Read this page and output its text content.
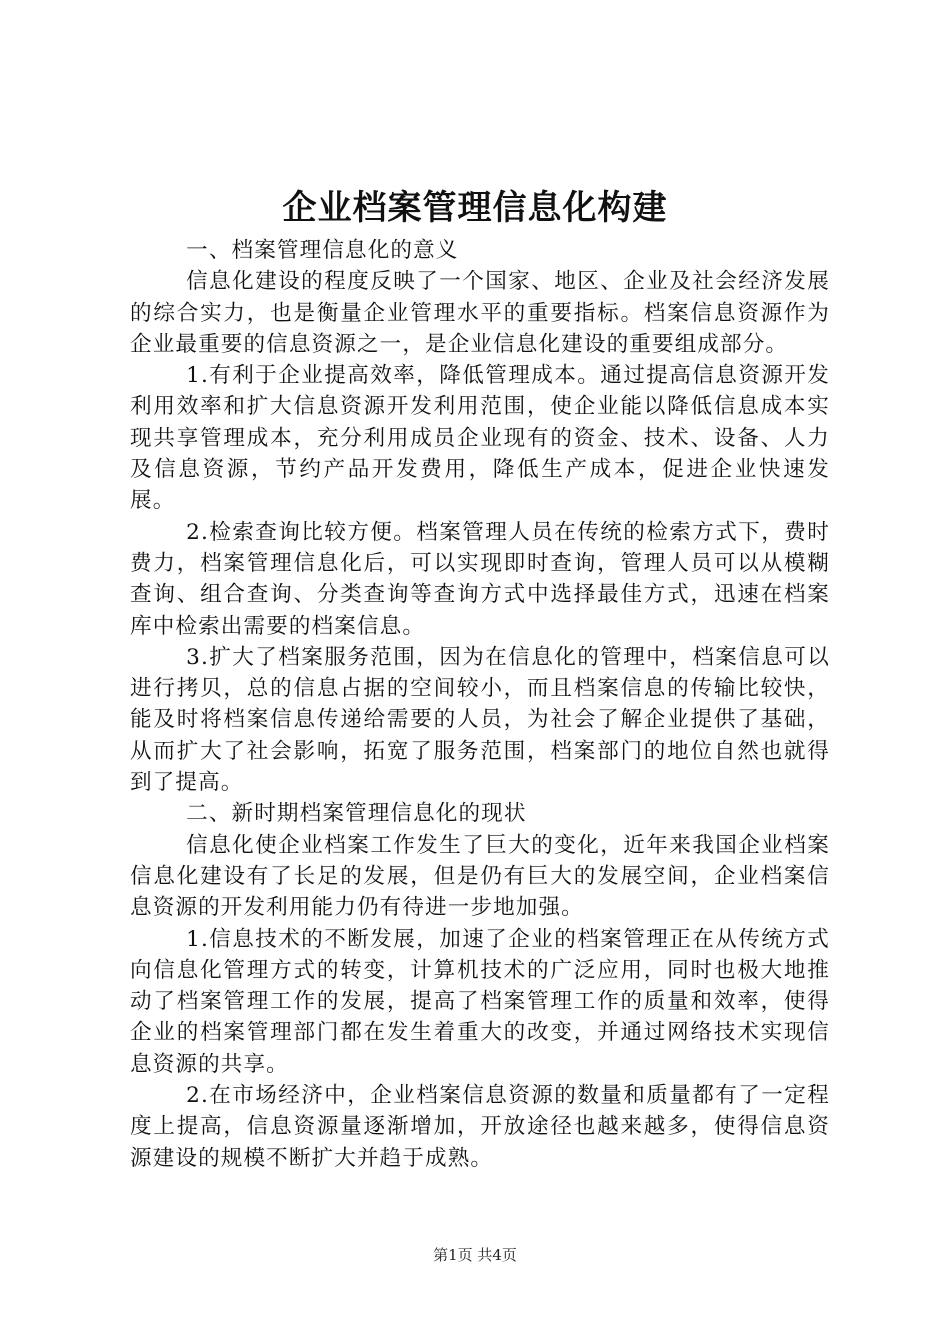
企业档案管理信息化构建

一、档案管理信息化的意义

信息化建设的程度反映了一个国家、地区、企业及社会经济发展的综合实力，也是衡量企业管理水平的重要指标。档案信息资源作为企业最重要的信息资源之一，是企业信息化建设的重要组成部分。

1.有利于企业提高效率，降低管理成本。通过提高信息资源开发利用效率和扩大信息资源开发利用范围，使企业能以降低信息成本实现共享管理成本，充分利用成员企业现有的资金、技术、设备、人力及信息资源，节约产品开发费用，降低生产成本，促进企业快速发展。

2.检索查询比较方便。档案管理人员在传统的检索方式下，费时费力，档案管理信息化后，可以实现即时查询，管理人员可以从模糊查询、组合查询、分类查询等查询方式中选择最佳方式，迅速在档案库中检索出需要的档案信息。

3.扩大了档案服务范围，因为在信息化的管理中，档案信息可以进行拷贝，总的信息占据的空间较小，而且档案信息的传输比较快，能及时将档案信息传递给需要的人员，为社会了解企业提供了基础，从而扩大了社会影响，拓宽了服务范围，档案部门的地位自然也就得到了提高。

二、新时期档案管理信息化的现状

信息化使企业档案工作发生了巨大的变化，近年来我国企业档案信息化建设有了长足的发展，但是仍有巨大的发展空间，企业档案信息资源的开发利用能力仍有待进一步地加强。

1.信息技术的不断发展，加速了企业的档案管理正在从传统方式向信息化管理方式的转变，计算机技术的广泛应用，同时也极大地推动了档案管理工作的发展，提高了档案管理工作的质量和效率，使得企业的档案管理部门都在发生着重大的改变，并通过网络技术实现信息资源的共享。

2.在市场经济中，企业档案信息资源的数量和质量都有了一定程度上提高，信息资源量逐渐增加，开放途径也越来越多，使得信息资源建设的规模不断扩大并趋于成熟。

第1页 共4页
